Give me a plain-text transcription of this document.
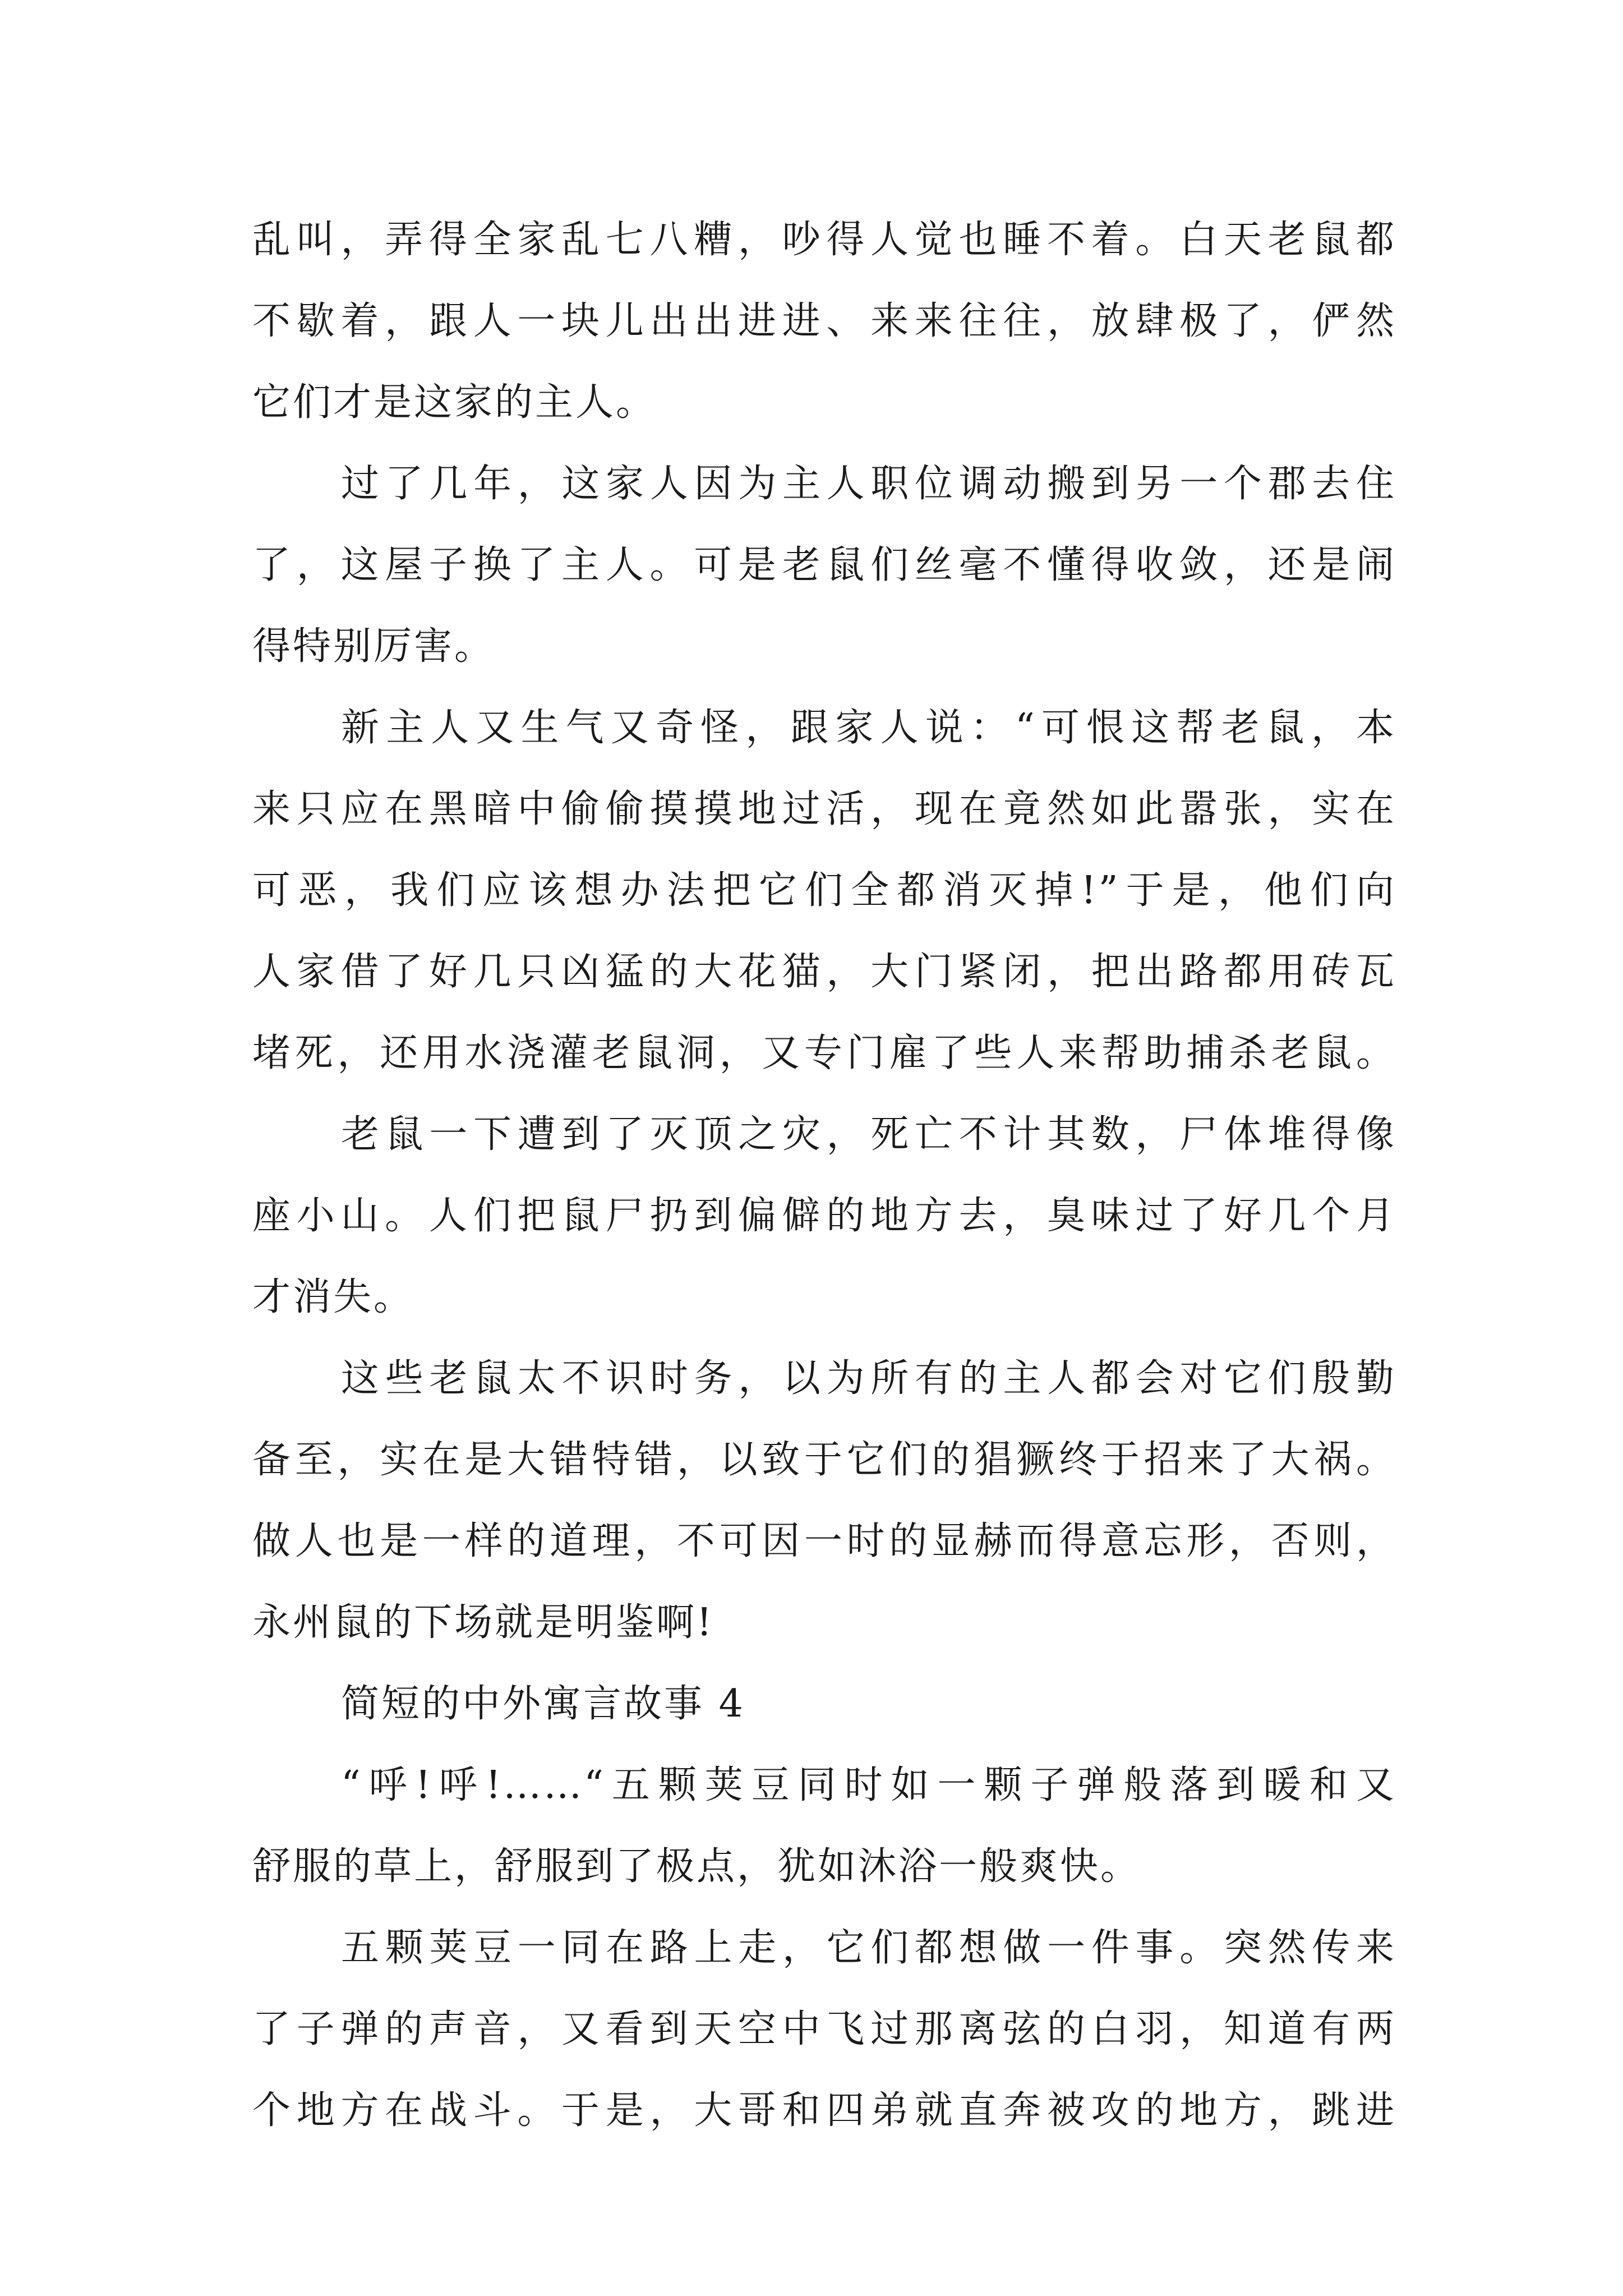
乱叫，弄得全家乱七八糟，吵得人觉也睡不着。白天老鼠都
不歇着，跟人一块儿出出进进、来来往往，放肆极了，俨然
它们才是这家的主人。
过了几年，这家人因为主人职位调动搬到另一个郡去住
了，这屋子换了主人。可是老鼠们丝毫不懂得收敛，还是闹
得特别厉害。
新主人又生气又奇怪，跟家人说：“可恨这帮老鼠，本
来只应在黑暗中偷偷摸摸地过活，现在竟然如此嚣张，实在
可恶，我们应该想办法把它们全都消灭掉!”于是，他们向
人家借了好几只凶猛的大花猫，大门紧闭，把出路都用砖瓦
堵死，还用水浇灌老鼠洞，又专门雇了些人来帮助捕杀老鼠。
老鼠一下遭到了灭顶之灾，死亡不计其数，尸体堆得像
座小山。人们把鼠尸扔到偏僻的地方去，臭味过了好几个月
才消失。
这些老鼠太不识时务，以为所有的主人都会对它们殷勤
备至，实在是大错特错，以致于它们的猖獗终于招来了大祸。
做人也是一样的道理，不可因一时的显赫而得意忘形，否则，
永州鼠的下场就是明鉴啊!
简短的中外寓言故事 4
“呼!呼!……“五颗荚豆同时如一颗子弹般落到暖和又
舒服的草上，舒服到了极点，犹如沐浴一般爽快。
五颗荚豆一同在路上走，它们都想做一件事。突然传来
了子弹的声音，又看到天空中飞过那离弦的白羽，知道有两
个地方在战斗。于是，大哥和四弟就直奔被攻的地方，跳进
